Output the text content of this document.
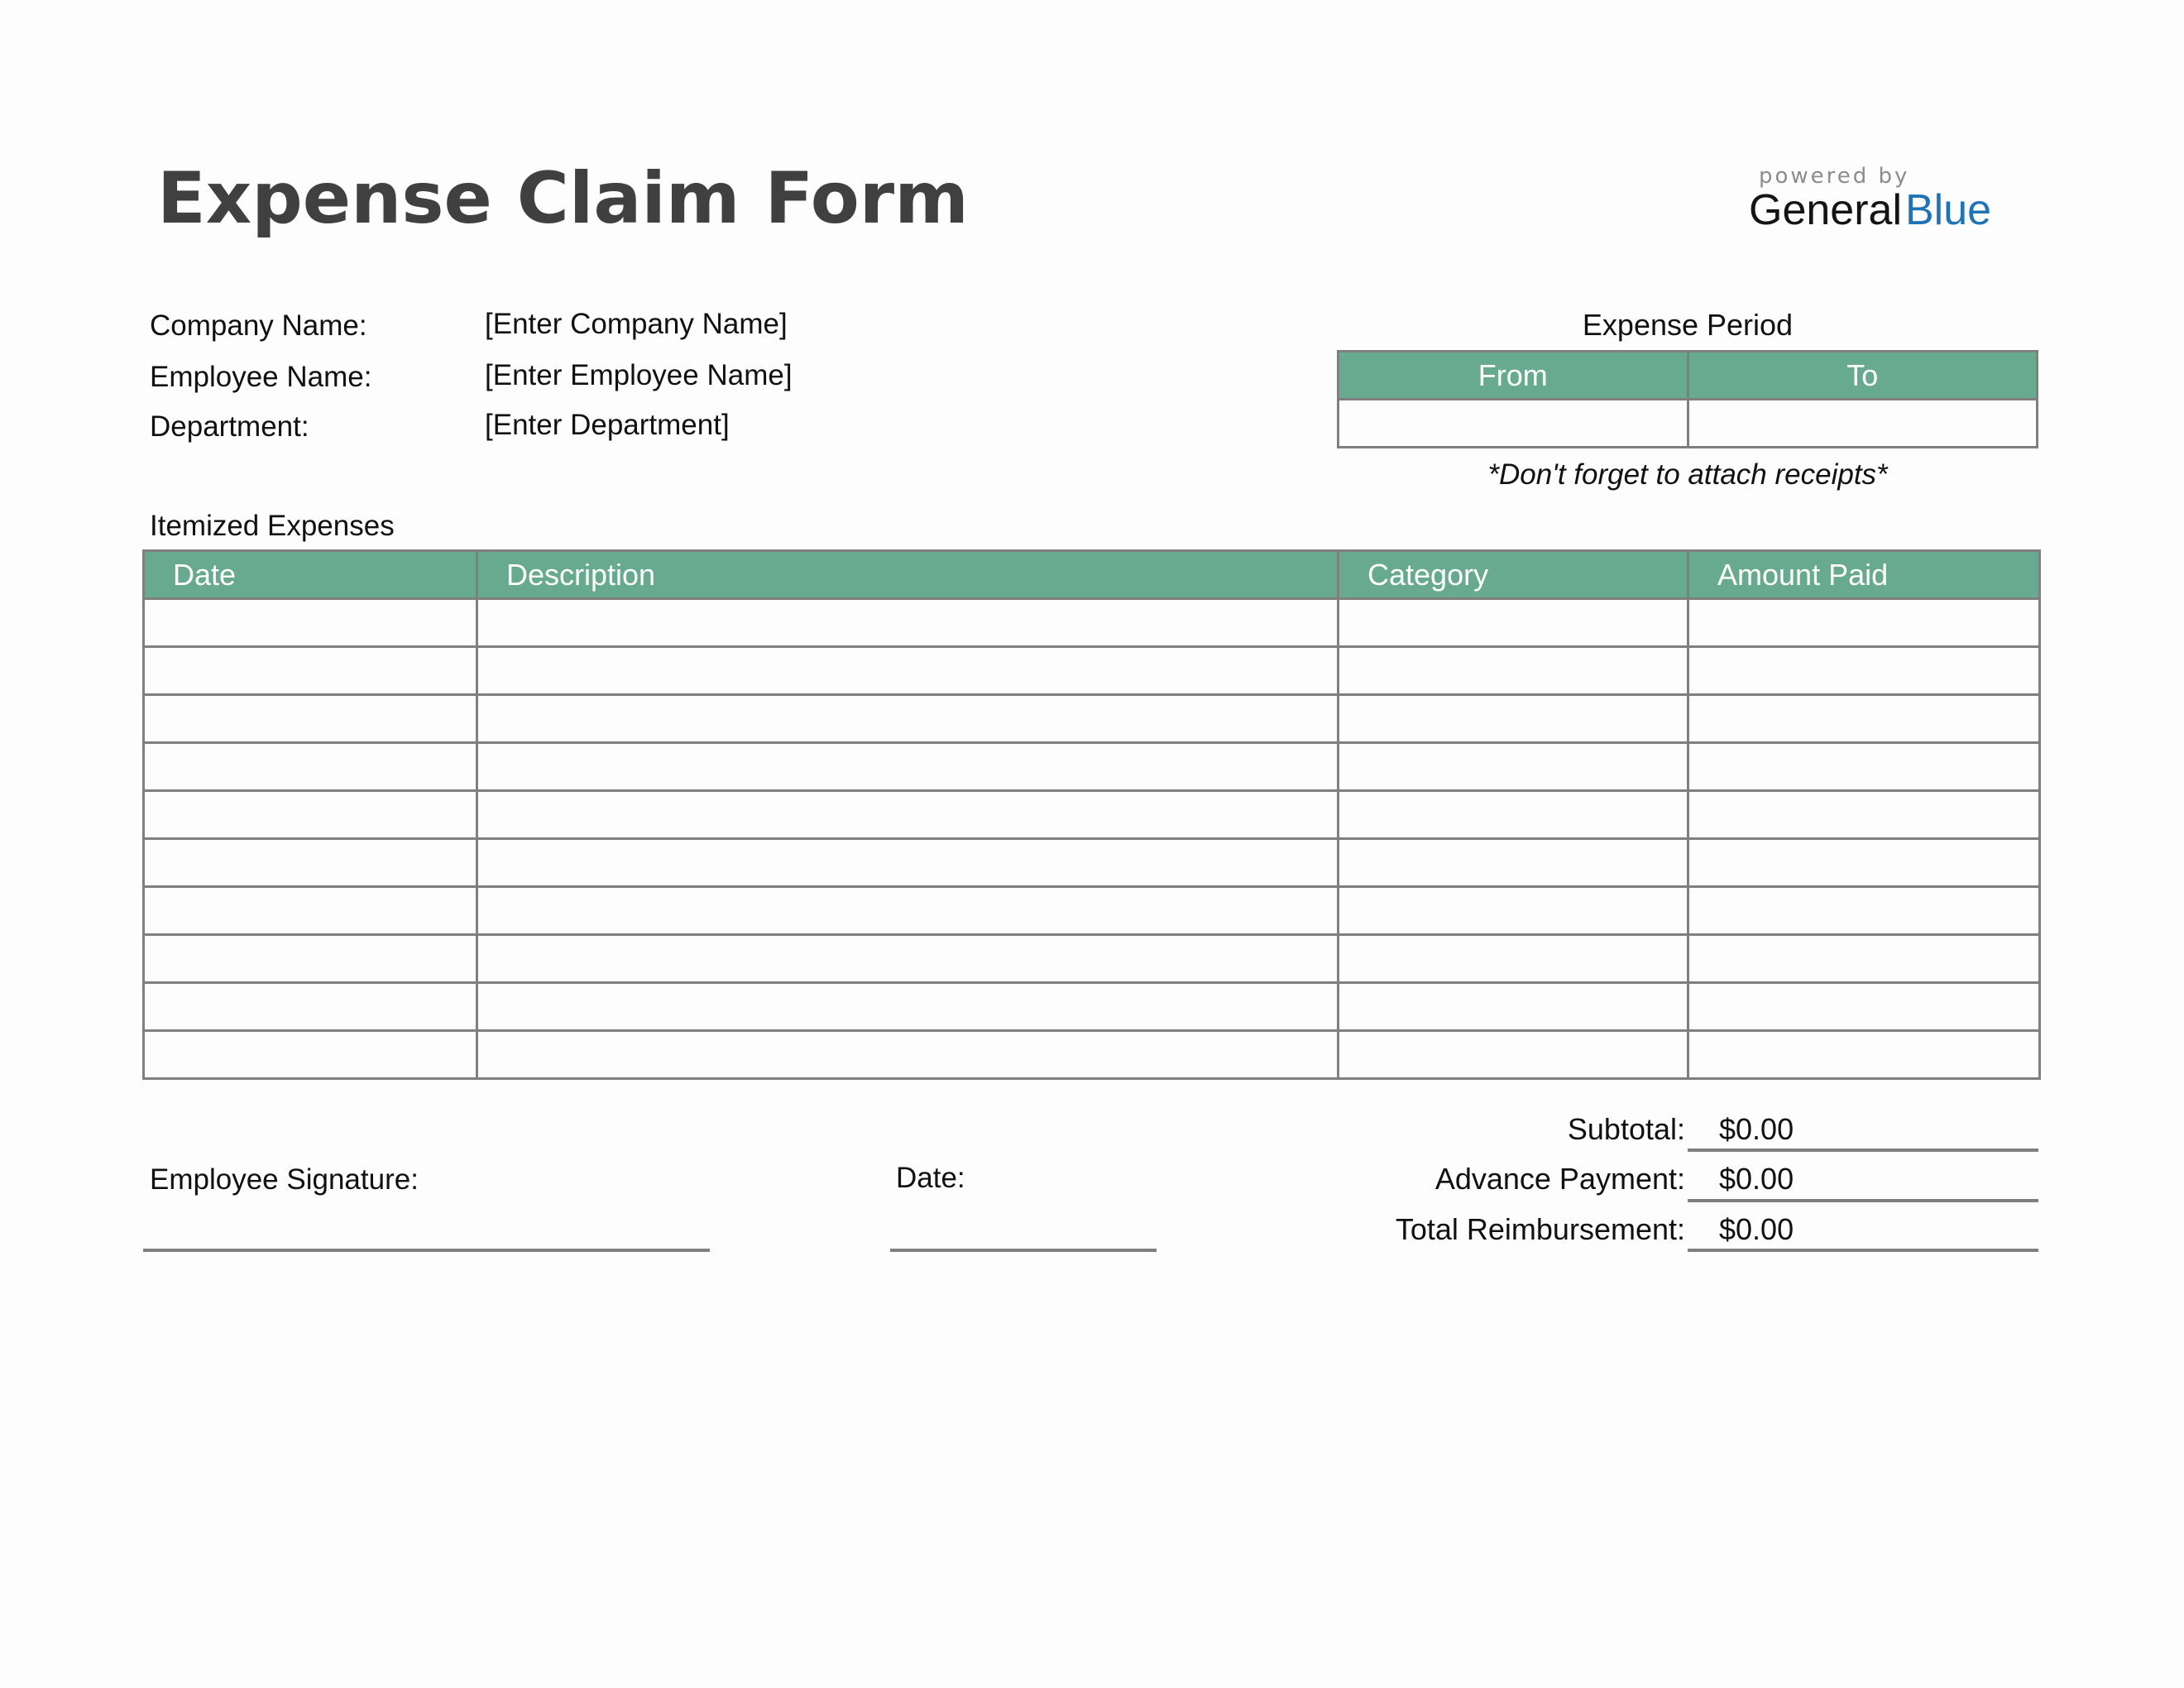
Expense Claim Form	powered by
GeneralBlue
Company Name:	[Enter Company Name]
Employee Name:	[Enter Employee Name]
Department:	[Enter Department]
Expense Period
From	To

*Don't forget to attach receipts*
Itemized Expenses
Date	Description	Category	Amount Paid

Subtotal: $0.00
Advance Payment: $0.00
Total Reimbursement: $0.00
Employee Signature:	Date:
